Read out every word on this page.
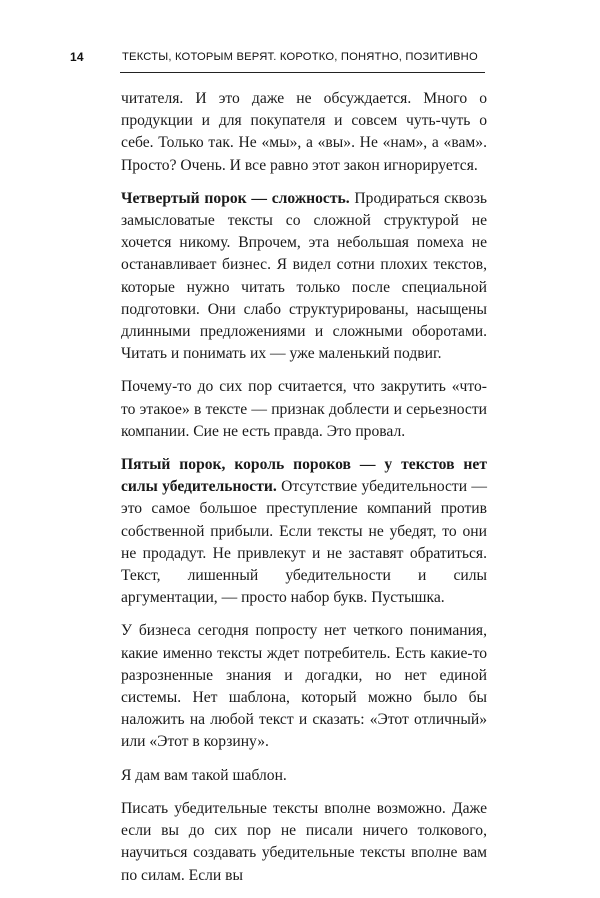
14	ТЕКСТЫ, КОТОРЫМ ВЕРЯТ. КОРОТКО, ПОНЯТНО, ПОЗИТИВНО

читателя. И это даже не обсуждается. Много о продукции и для покупателя и совсем чуть-чуть о себе. Только так. Не «мы», а «вы». Не «нам», а «вам». Просто? Очень. И все равно этот закон игнорируется.

Четвертый порок — сложность. Продираться сквозь замысловатые тексты со сложной структурой не хочется никому. Впрочем, эта небольшая помеха не останавливает бизнес. Я видел сотни плохих текстов, которые нужно читать только после специальной подготовки. Они слабо структурированы, насыщены длинными предложениями и сложными оборотами. Читать и понимать их — уже маленький подвиг.

Почему-то до сих пор считается, что закрутить «что-то этакое» в тексте — признак доблести и серьезности компании. Сие не есть правда. Это провал.

Пятый порок, король пороков — у текстов нет силы убедительности. Отсутствие убедительности — это самое большое преступление компаний против собственной прибыли. Если тексты не убедят, то они не продадут. Не привлекут и не заставят обратиться. Текст, лишенный убедительности и силы аргументации, — просто набор букв. Пустышка.

У бизнеса сегодня попросту нет четкого понимания, какие именно тексты ждет потребитель. Есть какие-то разрозненные знания и догадки, но нет единой системы. Нет шаблона, который можно было бы наложить на любой текст и сказать: «Этот отличный» или «Этот в корзину».

Я дам вам такой шаблон.

Писать убедительные тексты вполне возможно. Даже если вы до сих пор не писали ничего толкового, научиться создавать убедительные тексты вполне вам по силам. Если вы
